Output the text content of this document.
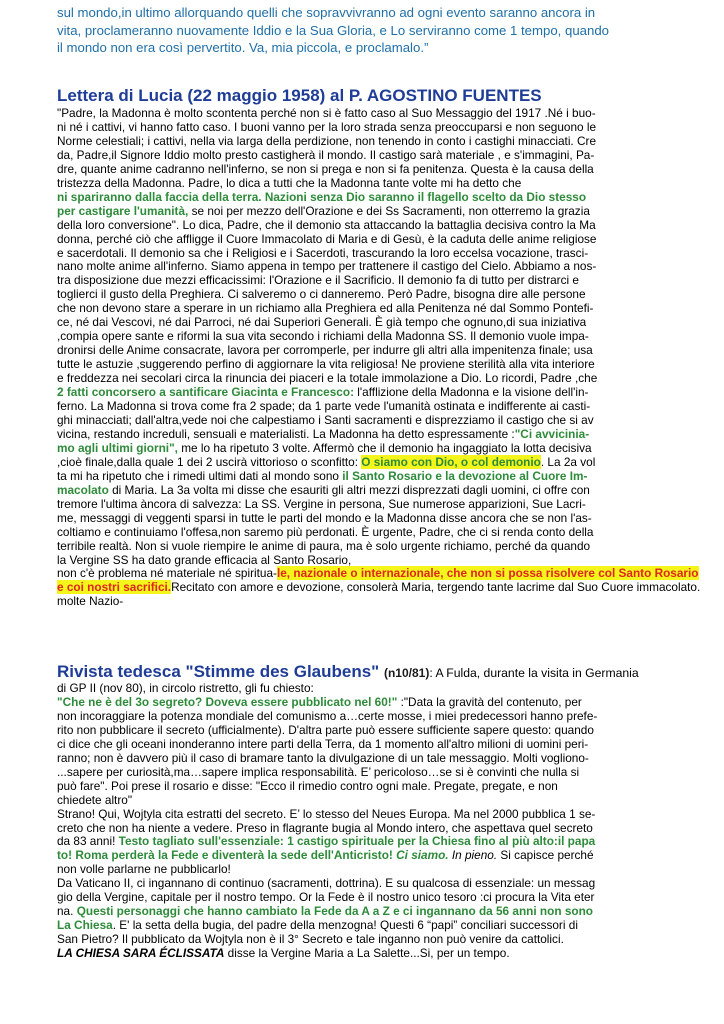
sul mondo,in ultimo allorquando quelli che sopravvivranno ad ogni evento saranno ancora in
vita, proclameranno nuovamente Iddio e la Sua Gloria, e Lo serviranno come 1 tempo, quando
il mondo non era così pervertito. Va, mia piccola, e proclamalo.”
Lettera di Lucia (22 maggio 1958) al P. AGOSTINO FUENTES
"Padre, la Madonna è molto scontenta perché non si è fatto caso al Suo Messaggio del 1917 .Né i buo-
ni né i cattivi, vi hanno fatto caso. I buoni vanno per la loro strada senza preoccuparsi e non seguono le
Norme celestiali; i cattivi, nella via larga della perdizione, non tenendo in conto i castighi minacciati. Cre
da, Padre,il Signore Iddio molto presto castigherà il mondo. Il castigo sarà materiale , e s'immagini, Pa-
dre, quante anime cadranno nell'inferno, se non si prega e non si fa penitenza. Questa è la causa della
tristezza della Madonna. Padre, lo dica a tutti che la Madonna tante volte mi ha detto che
ni spariranno dalla faccia della terra. Nazioni senza Dio saranno il flagello scelto da Dio stesso
per castigare l'umanità, se noi per mezzo dell'Orazione e dei Ss Sacramenti, non otterremo la grazia
della loro conversione". Lo dica, Padre, che il demonio sta attaccando la battaglia decisiva contro la Ma
donna, perché ciò che affligge il Cuore Immacolato di Maria e di Gesù, è la caduta delle anime religiose
e sacerdotali. Il demonio sa che i Religiosi e i Sacerdoti, trascurando la loro eccelsa vocazione, trasci-
nano molte anime all'inferno. Siamo appena in tempo per trattenere il castigo del Cielo. Abbiamo a nos-
tra disposizione due mezzi efficacissimi: l'Orazione e il Sacrificio. Il demonio fa di tutto per distrarci e
toglierci il gusto della Preghiera. Ci salveremo o ci danneremo. Però Padre, bisogna dire alle persone
che non devono stare a sperare in un richiamo alla Preghiera ed alla Penitenza né dal Sommo Pontefi-
ce, né dai Vescovi, né dai Parroci, né dai Superiori Generali. È già tempo che ognuno,di sua iniziativa
,compia opere sante e riformi la sua vita secondo i richiami della Madonna SS. Il demonio vuole impa-
dronirsi delle Anime consacrate, lavora per corromperle, per indurre gli altri alla impenitenza finale; usa
tutte le astuzie ,suggerendo perfino di aggiornare la vita religiosa! Ne proviene sterilità alla vita interiore
e freddezza nei secolari circa la rinuncia dei piaceri e la totale immolazione a Dio. Lo ricordi, Padre ,che
2 fatti concorsero a santificare Giacinta e Francesco: l'afflizione della Madonna e la visione dell'in-
ferno. La Madonna si trova come fra 2 spade; da 1 parte vede l'umanità ostinata e indifferente ai casti-
ghi minacciati; dall'altra,vede noi che calpestiamo i Santi sacramenti e disprezziamo il castigo che si av
vicina, restando increduli, sensuali e materialisti. La Madonna ha detto espressamente :"Ci avvicinia-
mo agli ultimi giorni", me lo ha ripetuto 3 volte. Affermò che il demonio ha ingaggiato la lotta decisiva
,cioè finale,dalla quale 1 dei 2 uscirà vittorioso o sconfitto: O siamo con Dio, o col demonio. La 2a vol
ta mi ha ripetuto che i rimedi ultimi dati al mondo sono il Santo Rosario e la devozione al Cuore Im-
macolato di Maria. La 3a volta mi disse che esauriti gli altri mezzi disprezzati dagli uomini, ci offre con
tremore l'ultima àncora di salvezza: La SS. Vergine in persona, Sue numerose apparizioni, Sue Lacri-
me, messaggi di veggenti sparsi in tutte le parti del mondo e la Madonna disse ancora che se non l'as-
coltiamo e continuiamo l'offesa,non saremo più perdonati. È urgente, Padre, che ci si renda conto della
terribile realtà. Non si vuole riempire le anime di paura, ma è solo urgente richiamo, perché da quando
la Vergine SS ha dato grande efficacia al Santo Rosario,
non c'è problema né materiale né spiritua-le, nazionale o internazionale, che non si possa risolvere col Santo Rosario
e coi nostri sacrifici.Recitato con amore e devozione, consolerà Maria, tergendo tante lacrime dal Suo Cuore immacolato.
molte Nazio-
Rivista tedesca "Stimme des Glaubens" (n10/81): A Fulda, durante la visita in Germania
di GP II (nov 80), in circolo ristretto, gli fu chiesto:
"Che ne è del 3o segreto? Doveva essere pubblicato nel 60!" :"Data la gravità del contenuto, per
non incoraggiare la potenza mondiale del comunismo a…certe mosse, i miei predecessori hanno prefe-
rito non pubblicare il secreto (ufficialmente). D'altra parte può essere sufficiente sapere questo: quando
ci dice che gli oceani inonderanno intere parti della Terra, da 1 momento all'altro milioni di uomini peri-
ranno; non è davvero più il caso di bramare tanto la divulgazione di un tale messaggio. Molti vogliono-
...sapere per curiosità,ma…sapere implica responsabilità. E’ pericoloso…se si è convinti che nulla si
può fare". Poi prese il rosario e disse: "Ecco il rimedio contro ogni male. Pregate, pregate, e non
chiedete altro"
Strano! Qui, Wojtyla cita estratti del secreto. E’ lo stesso del Neues Europa. Ma nel 2000 pubblica 1 se-
creto che non ha niente a vedere. Preso in flagrante bugia al Mondo intero, che aspettava quel secreto
da 83 anni! Testo tagliato sull'essenziale: 1 castigo spirituale per la Chiesa fino al più alto:il papa
to! Roma perderà la Fede e diventerà la sede dell'Anticristo! Ci siamo. In pieno. Si capisce perché
non volle parlarne ne pubblicarlo!
Da Vaticano II, ci ingannano di continuo (sacramenti, dottrina). E su qualcosa di essenziale: un messag
gio della Vergine, capitale per il nostro tempo. Or la Fede è il nostro unico tesoro :ci procura la Vita eter
na. Questi personaggi che hanno cambiato la Fede da A a Z e ci ingannano da 56 anni non sono
La Chiesa. E' la setta della bugia, del padre della menzogna! Questi 6 “papi” conciliari successori di
San Pietro? Il pubblicato da Wojtyla non è il 3° Secreto e tale inganno non può venire da cattolici.
LA CHIESA SARA ÉCLISSATA disse la Vergine Maria a La Salette...Si, per un tempo.
